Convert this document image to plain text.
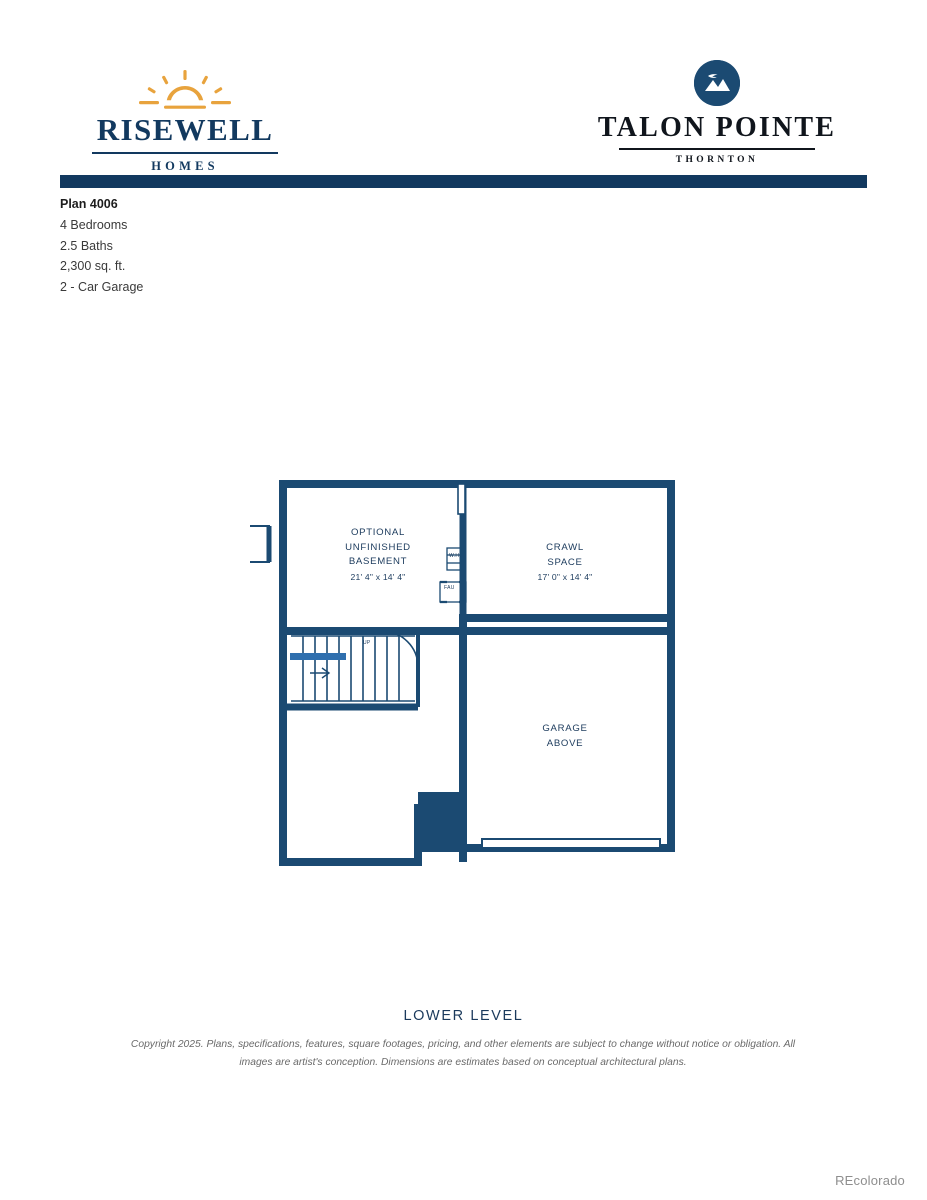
RISEWELL
HOMES
TALON POINTE
THORNTON
Plan 4006
4 Bedrooms
2.5 Baths
2,300 sq. ft.
2 - Car Garage
OPTIONAL
UNFINISHED
BASEMENT
21' 4" x 14' 4"
CRAWL
SPACE
17' 0" x 14' 4"
GARAGE
ABOVE
UP
W.H.
FAU
LOWER LEVEL
Copyright 2025. Plans, specifications, features, square footages, pricing, and other elements are subject to change without notice or obligation. All images are artist's conception. Dimensions are estimates based on conceptual architectural plans.
REcolorado
